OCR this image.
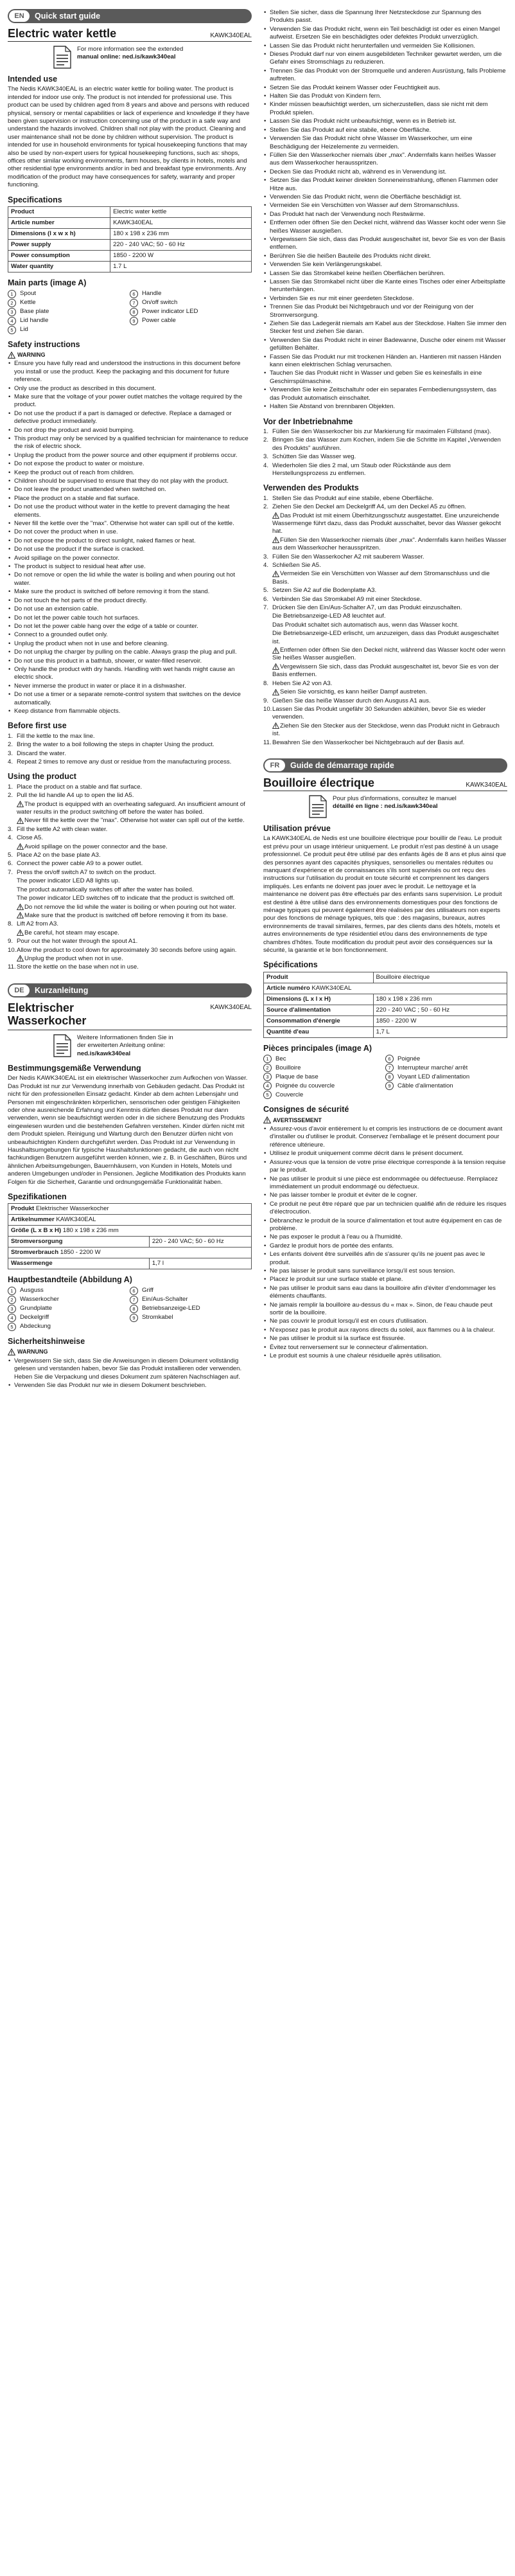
EN	Quick start guide
Electric water kettle	KAWK340EAL
For more information see the extended
manual online: ned.is/kawk340eal
Intended use

The Nedis KAWK340EAL is an electric water kettle for boiling water. The product is intended for indoor use only. The product is not intended for professional use. This product can be used by children aged from 8 years and above and persons with reduced physical, sensory or mental capabilities or lack of experience and knowledge if they have been given supervision or instruction concerning use of the product in a safe way and understand the hazards involved. Children shall not play with the product. Cleaning and user maintenance shall not be done by children without supervision. The product is intended for use in household environments for typical housekeeping functions that may also be used by non-expert users for typical housekeeping functions, such as: shops, offices other similar working environments, farm houses, by clients in hotels, motels and other residential type environments and/or in bed and breakfast type environments. Any modification of the product may have consequences for safety, warranty and proper functioning.

Specifications
Product	Electric water kettle
Article number	KAWK340EAL
Dimensions (l x w x h)	180 x 198 x 236 mm
Power supply	220 - 240 VAC; 50 - 60 Hz
Power consumption	1850 - 2200 W
Water quantity	1.7 L
Main parts (image A)
1	Spout	6	Handle
2	Kettle	7	On/off switch
3	Base plate	8	Power indicator LED
4	Lid handle	9	Power cable
5	Lid
Safety instructions
WARNING
• Ensure you have fully read and understood the instructions in this document before you install or use the product. Keep the packaging and this document for future reference.
• Only use the product as described in this document.
• Make sure that the voltage of your power outlet matches the voltage required by the product.
• Do not use the product if a part is damaged or defective. Replace a damaged or defective product immediately.
• Do not drop the product and avoid bumping.
• This product may only be serviced by a qualified technician for maintenance to reduce the risk of electric shock.
• Unplug the product from the power source and other equipment if problems occur.
• Do not expose the product to water or moisture.
• Keep the product out of reach from children.
• Children should be supervised to ensure that they do not play with the product.
• Do not leave the product unattended when switched on.
• Place the product on a stable and flat surface.
• Do not use the product without water in the kettle to prevent damaging the heat elements.
• Never fill the kettle over the "max". Otherwise hot water can spill out of the kettle.
• Do not cover the product when in use.
• Do not expose the product to direct sunlight, naked flames or heat.
• Do not use the product if the surface is cracked.
• Avoid spillage on the power connector.
• The product is subject to residual heat after use.
• Do not remove or open the lid while the water is boiling and when pouring out hot water.
• Make sure the product is switched off before removing it from the stand.
• Do not touch the hot parts of the product directly.
• Do not use an extension cable.
• Do not let the power cable touch hot surfaces.
• Do not let the power cable hang over the edge of a table or counter.
• Connect to a grounded outlet only.
• Unplug the product when not in use and before cleaning.
• Do not unplug the charger by pulling on the cable. Always grasp the plug and pull.
• Do not use this product in a bathtub, shower, or water-filled reservoir.
• Only handle the product with dry hands. Handling with wet hands might cause an electric shock.
• Never immerse the product in water or place it in a dishwasher.
• Do not use a timer or a separate remote-control system that switches on the device automatically.
• Keep distance from flammable objects.
Before first use
1. Fill the kettle to the max line.
2. Bring the water to a boil following the steps in chapter Using the product.
3. Discard the water.
4. Repeat 2 times to remove any dust or residue from the manufacturing process.
Using the product
1. Place the product on a stable and flat surface.
2. Pull the lid handle A4 up to open the lid A5.
The product is equipped with an overheating safeguard. An insufficient amount of water results in the product switching off before the water has boiled.
Never fill the kettle over the "max". Otherwise hot water can spill out of the kettle.
3. Fill the kettle A2 with clean water.
4. Close A5.
Avoid spillage on the power connector and the base.
5. Place A2 on the base plate A3.
6. Connect the power cable A9 to a power outlet.
7. Press the on/off switch A7 to switch on the product.
The power indicator LED A8 lights up.
The product automatically switches off after the water has boiled.
The power indicator LED switches off to indicate that the product is switched off.
Do not remove the lid while the water is boiling or when pouring out hot water.
Make sure that the product is switched off before removing it from its base.
8. Lift A2 from A3.
Be careful, hot steam may escape.
9. Pour out the hot water through the spout A1.
10. Allow the product to cool down for approximately 30 seconds before using again.
Unplug the product when not in use.
11. Store the kettle on the base when not in use.
DE	Kurzanleitung
Elektrischer
Wasserkocher
KAWK340EAL
Weitere Informationen finden Sie in
der erweiterten Anleitung online:
ned.is/kawk340eal
Bestimmungsgemäße Verwendung

Der Nedis KAWK340EAL ist ein elektrischer Wasserkocher zum Aufkochen von Wasser. Das Produkt ist nur zur Verwendung innerhalb von Gebäuden gedacht. Das Produkt ist nicht für den professionellen Einsatz gedacht. Kinder ab dem achten Lebensjahr und Personen mit eingeschränkten körperlichen, sensorischen oder geistigen Fähigkeiten oder ohne ausreichende Erfahrung und Kenntnis dürfen dieses Produkt nur dann verwenden, wenn sie beaufsichtigt werden oder in die sichere Benutzung des Produkts eingewiesen wurden und die bestehenden Gefahren verstehen. Kinder dürfen nicht mit dem Produkt spielen. Reinigung und Wartung durch den Benutzer dürfen nicht von unbeaufsichtigten Kindern durchgeführt werden. Das Produkt ist zur Verwendung in Haushaltsumgebungen für typische Haushaltsfunktionen gedacht, die auch von nicht fachkundigen Benutzern ausgeführt werden können, wie z. B. in Geschäften, Büros und ähnlichen Arbeitsumgebungen, Bauernhäusern, von Kunden in Hotels, Motels und anderen Umgebungen und/oder in Pensionen. Jegliche Modifikation des Produkts kann Folgen für die Sicherheit, Garantie und ordnungsgemäße Funktionalität haben.

Spezifikationen
Produkt Elektrischer Wasserkocher	
Artikelnummer KAWK340EAL	
Größe (L x B x H) 180 x 198 x 236 mm	
Stromversorgung	220 - 240 VAC; 50 - 60 Hz
Stromverbrauch 1850 - 2200 W	
Wassermenge	1,7 l
Hauptbestandteile (Abbildung A)
1	Ausguss	6	Griff
2	Wasserkocher	7	Ein/Aus-Schalter
3	Grundplatte	8	Betriebsanzeige-LED
4	Deckelgriff	9	Stromkabel
5	Abdeckung
Sicherheitshinweise
WARNUNG
• Vergewissern Sie sich, dass Sie die Anweisungen in diesem Dokument vollständig gelesen und verstanden haben, bevor Sie das Produkt installieren oder verwenden. Heben Sie die Verpackung und dieses Dokument zum späteren Nachschlagen auf.
• Verwenden Sie das Produkt nur wie in diesem Dokument beschrieben.
• Stellen Sie sicher, dass die Spannung Ihrer Netzsteckdose zur Spannung des Produkts passt.
• Verwenden Sie das Produkt nicht, wenn ein Teil beschädigt ist oder es einen Mangel aufweist. Ersetzen Sie ein beschädigtes oder defektes Produkt unverzüglich.
• Lassen Sie das Produkt nicht herunterfallen und vermeiden Sie Kollisionen.
• Dieses Produkt darf nur von einem ausgebildeten Techniker gewartet werden, um die Gefahr eines Stromschlags zu reduzieren.
• Trennen Sie das Produkt von der Stromquelle und anderen Ausrüstung, falls Probleme auftreten.
• Setzen Sie das Produkt keinem Wasser oder Feuchtigkeit aus.
• Halten Sie das Produkt von Kindern fern.
• Kinder müssen beaufsichtigt werden, um sicherzustellen, dass sie nicht mit dem Produkt spielen.
• Lassen Sie das Produkt nicht unbeaufsichtigt, wenn es in Betrieb ist.
• Stellen Sie das Produkt auf eine stabile, ebene Oberfläche.
• Verwenden Sie das Produkt nicht ohne Wasser im Wasserkocher, um eine Beschädigung der Heizelemente zu vermeiden.
• Füllen Sie den Wasserkocher niemals über „max". Andernfalls kann heißes Wasser aus dem Wasserkocher herausspritzen.
• Decken Sie das Produkt nicht ab, während es in Verwendung ist.
• Setzen Sie das Produkt keiner direkten Sonneneinstrahlung, offenen Flammen oder Hitze aus.
• Verwenden Sie das Produkt nicht, wenn die Oberfläche beschädigt ist.
• Vermeiden Sie ein Verschütten von Wasser auf dem Stromanschluss.
• Das Produkt hat nach der Verwendung noch Restwärme.
• Entfernen oder öffnen Sie den Deckel nicht, während das Wasser kocht oder wenn Sie heißes Wasser ausgießen.
• Vergewissern Sie sich, dass das Produkt ausgeschaltet ist, bevor Sie es von der Basis entfernen.
• Berühren Sie die heißen Bauteile des Produkts nicht direkt.
• Verwenden Sie kein Verlängerungskabel.
• Lassen Sie das Stromkabel keine heißen Oberflächen berühren.
• Lassen Sie das Stromkabel nicht über die Kante eines Tisches oder einer Arbeitsplatte herunterhängen.
• Verbinden Sie es nur mit einer geerdeten Steckdose.
• Trennen Sie das Produkt bei Nichtgebrauch und vor der Reinigung von der Stromversorgung.
• Ziehen Sie das Ladegerät niemals am Kabel aus der Steckdose. Halten Sie immer den Stecker fest und ziehen Sie daran.
• Verwenden Sie das Produkt nicht in einer Badewanne, Dusche oder einem mit Wasser gefüllten Behälter.
• Fassen Sie das Produkt nur mit trockenen Händen an. Hantieren mit nassen Händen kann einen elektrischen Schlag verursachen.
• Tauchen Sie das Produkt nicht in Wasser und geben Sie es keinesfalls in eine Geschirrspülmaschine.
• Verwenden Sie keine Zeitschaltuhr oder ein separates Fernbedienungssystem, das das Produkt automatisch einschaltet.
• Halten Sie Abstand von brennbaren Objekten.
Vor der Inbetriebnahme
1. Füllen Sie den Wasserkocher bis zur Markierung für maximalen Füllstand (max).
2. Bringen Sie das Wasser zum Kochen, indem Sie die Schritte im Kapitel „Verwenden des Produkts" ausführen.
3. Schütten Sie das Wasser weg.
4. Wiederholen Sie dies 2 mal, um Staub oder Rückstände aus dem Herstellungsprozess zu entfernen.
Verwenden des Produkts
1. Stellen Sie das Produkt auf eine stabile, ebene Oberfläche.
2. Ziehen Sie den Deckel am Deckelgriff A4, um den Deckel A5 zu öffnen.
Das Produkt ist mit einem Überhitzungsschutz ausgestattet. Eine unzureichende Wassermenge führt dazu, dass das Produkt ausschaltet, bevor das Wasser gekocht hat.
Füllen Sie den Wasserkocher niemals über „max". Andernfalls kann heißes Wasser aus dem Wasserkocher herausspritzen.
3. Füllen Sie den Wasserkocher A2 mit sauberem Wasser.
4. Schließen Sie A5.
Vermeiden Sie ein Verschütten von Wasser auf dem Stromanschluss und die Basis.
5. Setzen Sie A2 auf die Bodenplatte A3.
6. Verbinden Sie das Stromkabel A9 mit einer Steckdose.
7. Drücken Sie den Ein/Aus-Schalter A7, um das Produkt einzuschalten.
Die Betriebsanzeige-LED A8 leuchtet auf.
Das Produkt schaltet sich automatisch aus, wenn das Wasser kocht.
Die Betriebsanzeige-LED erlischt, um anzuzeigen, dass das Produkt ausgeschaltet ist.
Entfernen oder öffnen Sie den Deckel nicht, während das Wasser kocht oder wenn Sie heißes Wasser ausgießen.
Vergewissern Sie sich, dass das Produkt ausgeschaltet ist, bevor Sie es von der Basis entfernen.
8. Heben Sie A2 von A3.
Seien Sie vorsichtig, es kann heißer Dampf austreten.
9. Gießen Sie das heiße Wasser durch den Ausguss A1 aus.
10. Lassen Sie das Produkt ungefähr 30 Sekunden abkühlen, bevor Sie es wieder verwenden.
Ziehen Sie den Stecker aus der Steckdose, wenn das Produkt nicht in Gebrauch ist.
11. Bewahren Sie den Wasserkocher bei Nichtgebrauch auf der Basis auf.
FR	Guide de démarrage rapide
Bouilloire électrique	KAWK340EAL
Pour plus d'informations, consultez le manuel
détaillé en ligne : ned.is/kawk340eal
Utilisation prévue

La KAWK340EAL de Nedis est une bouilloire électrique pour bouillir de l'eau. Le produit est prévu pour un usage intérieur uniquement. Le produit n'est pas destiné à un usage professionnel. Ce produit peut être utilisé par des enfants âgés de 8 ans et plus ainsi que des personnes ayant des capacités physiques, sensorielles ou mentales réduites ou manquant d'expérience et de connaissances s'ils sont supervisés ou ont reçu des instructions sur l'utilisation du produit en toute sécurité et comprennent les dangers impliqués. Les enfants ne doivent pas jouer avec le produit. Le nettoyage et la maintenance ne doivent pas être effectués par des enfants sans supervision. Le produit est destiné à être utilisé dans des environnements domestiques pour des fonctions de ménage typiques qui peuvent également être réalisées par des utilisateurs non experts pour des fonctions de ménage typiques, tels que : des magasins, bureaux, autres environnements de travail similaires, fermes, par des clients dans des hôtels, motels et autres environnements de type résidentiel et/ou dans des environnements de type chambres d'hôtes. Toute modification du produit peut avoir des conséquences sur la sécurité, la garantie et le bon fonctionnement.

Spécifications
Produit	Bouilloire électrique
Article numéro KAWK340EAL	
Dimensions (L x l x H)	180 x 198 x 236 mm
Source d'alimentation	220 - 240 VAC ; 50 - 60 Hz
Consommation d'énergie	1850 - 2200 W
Quantité d'eau	1,7 L
Pièces principales (image A)
1	Bec	6	Poignée
2	Bouilloire	7	Interrupteur marche/ arrêt
3	Plaque de base	8	Voyant LED d'alimentation
4	Poignée du couvercle	9	Câble d'alimentation
5	Couvercle
Consignes de sécurité
AVERTISSEMENT
• Assurez-vous d'avoir entièrement lu et compris les instructions de ce document avant d'installer ou d'utiliser le produit. Conservez l'emballage et le présent document pour référence ultérieure.
• Utilisez le produit uniquement comme décrit dans le présent document.
• Assurez-vous que la tension de votre prise électrique corresponde à la tension requise par le produit.
• Ne pas utiliser le produit si une pièce est endommagée ou défectueuse. Remplacez immédiatement un produit endommagé ou défectueux.
• Ne pas laisser tomber le produit et éviter de le cogner.
• Ce produit ne peut être réparé que par un technicien qualifié afin de réduire les risques d'électrocution.
• Débranchez le produit de la source d'alimentation et tout autre équipement en cas de problème.
• Ne pas exposer le produit à l'eau ou à l'humidité.
• Gardez le produit hors de portée des enfants.
• Les enfants doivent être surveillés afin de s'assurer qu'ils ne jouent pas avec le produit.
• Ne pas laisser le produit sans surveillance lorsqu'il est sous tension.
• Placez le produit sur une surface stable et plane.
• Ne pas utiliser le produit sans eau dans la bouilloire afin d'éviter d'endommager les éléments chauffants.
• Ne jamais remplir la bouilloire au-dessus du « max ». Sinon, de l'eau chaude peut sortir de la bouilloire.
• Ne pas couvrir le produit lorsqu'il est en cours d'utilisation.
• N'exposez pas le produit aux rayons directs du soleil, aux flammes ou à la chaleur.
• Ne pas utiliser le produit si la surface est fissurée.
• Évitez tout renversement sur le connecteur d'alimentation.
• Le produit est soumis à une chaleur résiduelle après utilisation.
